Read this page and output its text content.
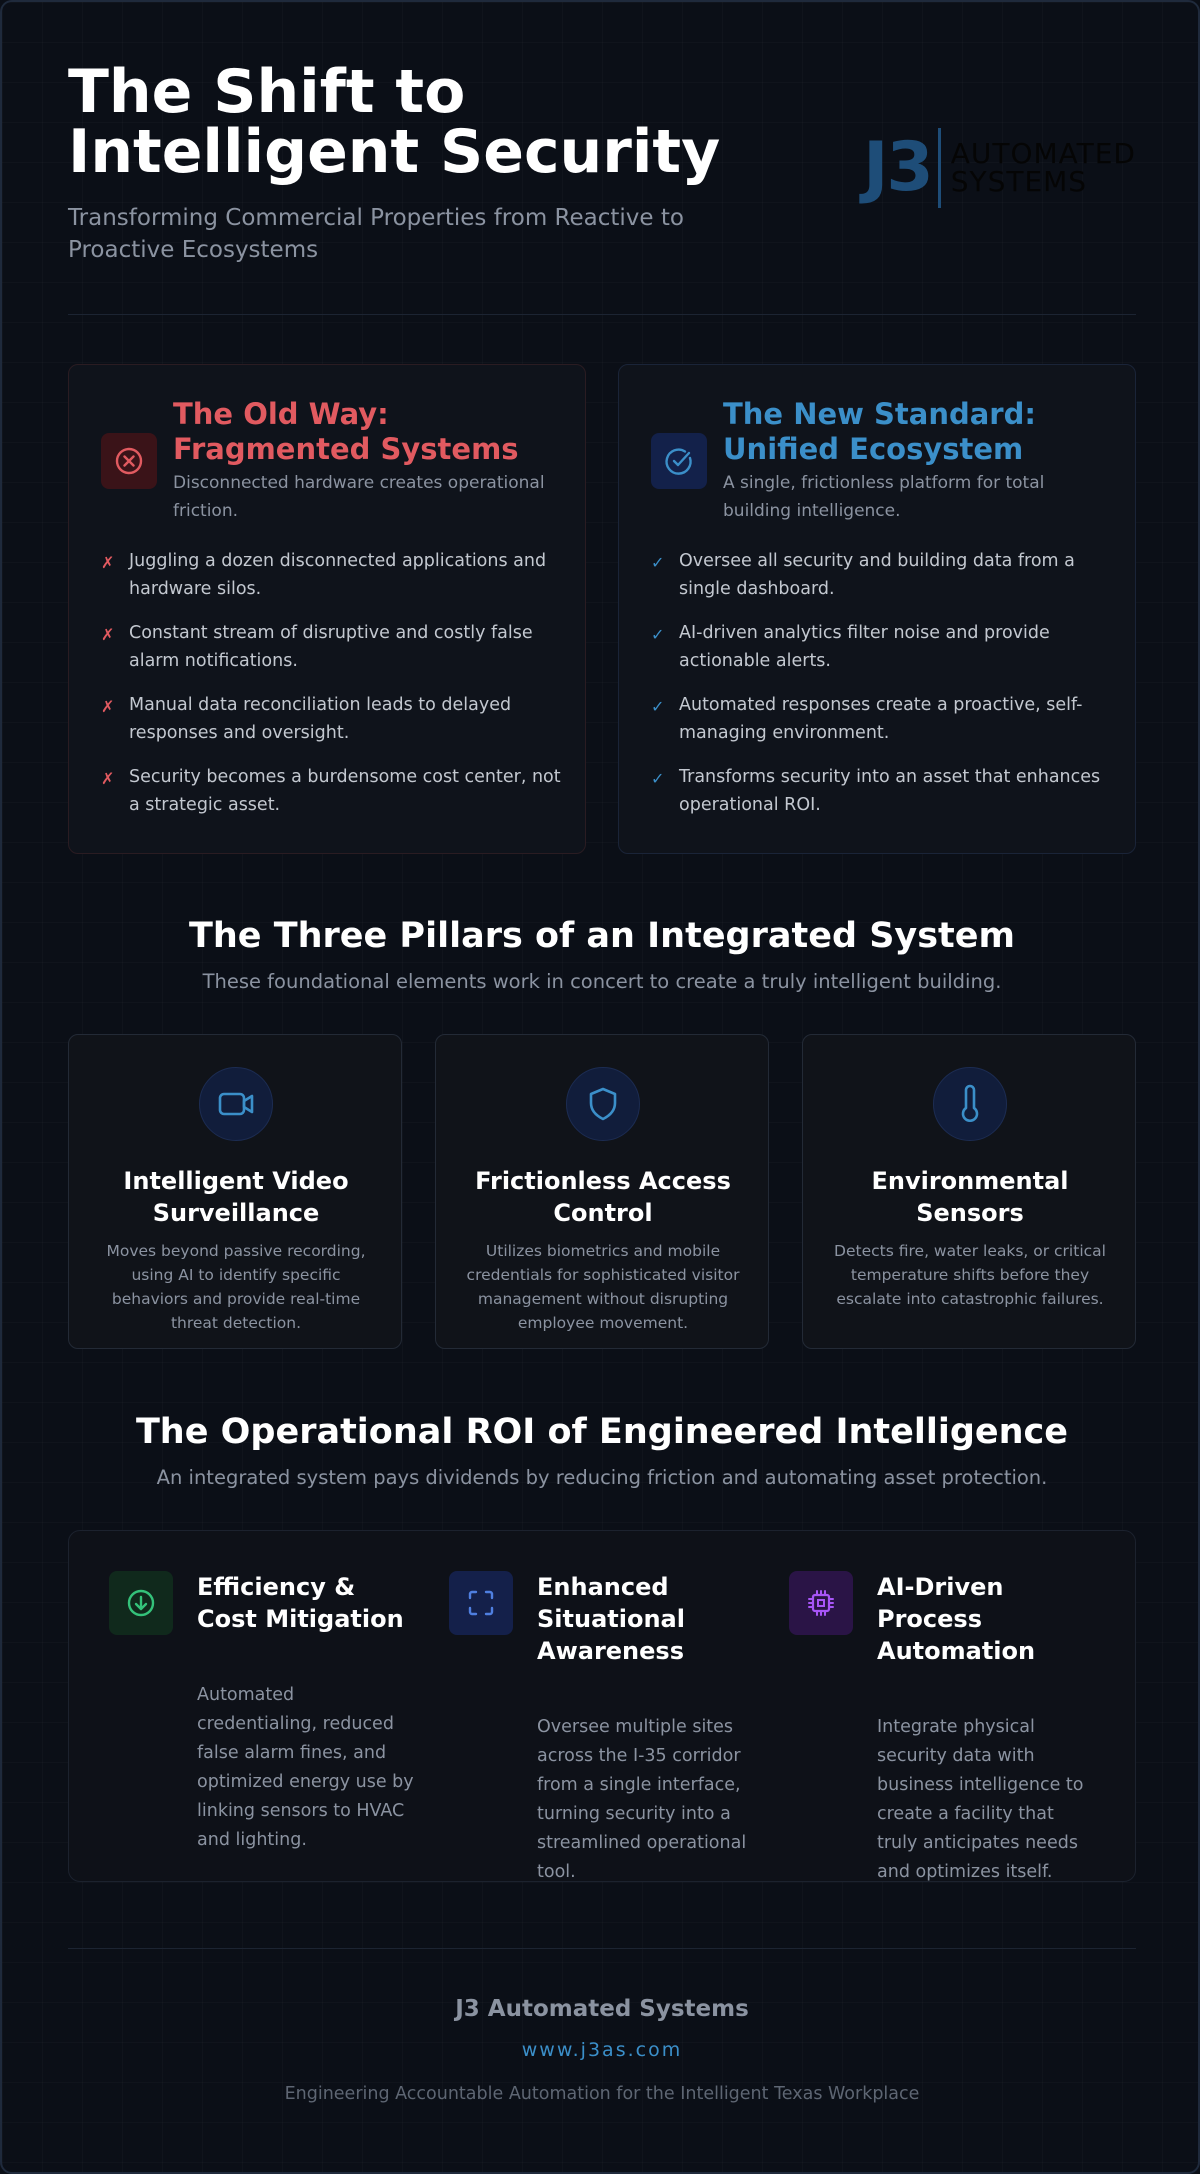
The Shift to Intelligent Security
Transforming Commercial Properties from Reactive to Proactive Ecosystems
J3 AUTOMATED
SYSTEMS
The Old Way: Fragmented Systems
Disconnected hardware creates operational friction.
✗ Juggling a dozen disconnected applications and hardware silos.
✗ Constant stream of disruptive and costly false alarm notifications.
✗ Manual data reconciliation leads to delayed responses and oversight.
✗ Security becomes a burdensome cost center, not a strategic asset.
The New Standard: Unified Ecosystem
A single, frictionless platform for total building intelligence.
✓ Oversee all security and building data from a single dashboard.
✓ AI-driven analytics filter noise and provide actionable alerts.
✓ Automated responses create a proactive, self-managing environment.
✓ Transforms security into an asset that enhances operational ROI.
The Three Pillars of an Integrated System
These foundational elements work in concert to create a truly intelligent building.
Intelligent Video Surveillance

Moves beyond passive recording, using AI to identify specific behaviors and provide real-time threat detection.

Frictionless Access Control

Utilizes biometrics and mobile credentials for sophisticated visitor management without disrupting employee movement.

Environmental Sensors

Detects fire, water leaks, or critical temperature shifts before they escalate into catastrophic failures.

The Operational ROI of Engineered Intelligence
An integrated system pays dividends by reducing friction and automating asset protection.
Efficiency & Cost Mitigation

Automated credentialing, reduced false alarm fines, and optimized energy use by linking sensors to HVAC and lighting.

Enhanced Situational Awareness

Oversee multiple sites across the I-35 corridor from a single interface, turning security into a streamlined operational tool.

AI-Driven Process Automation

Integrate physical security data with business intelligence to create a facility that truly anticipates needs and optimizes itself.

J3 Automated Systems
www.j3as.com
Engineering Accountable Automation for the Intelligent Texas Workplace
